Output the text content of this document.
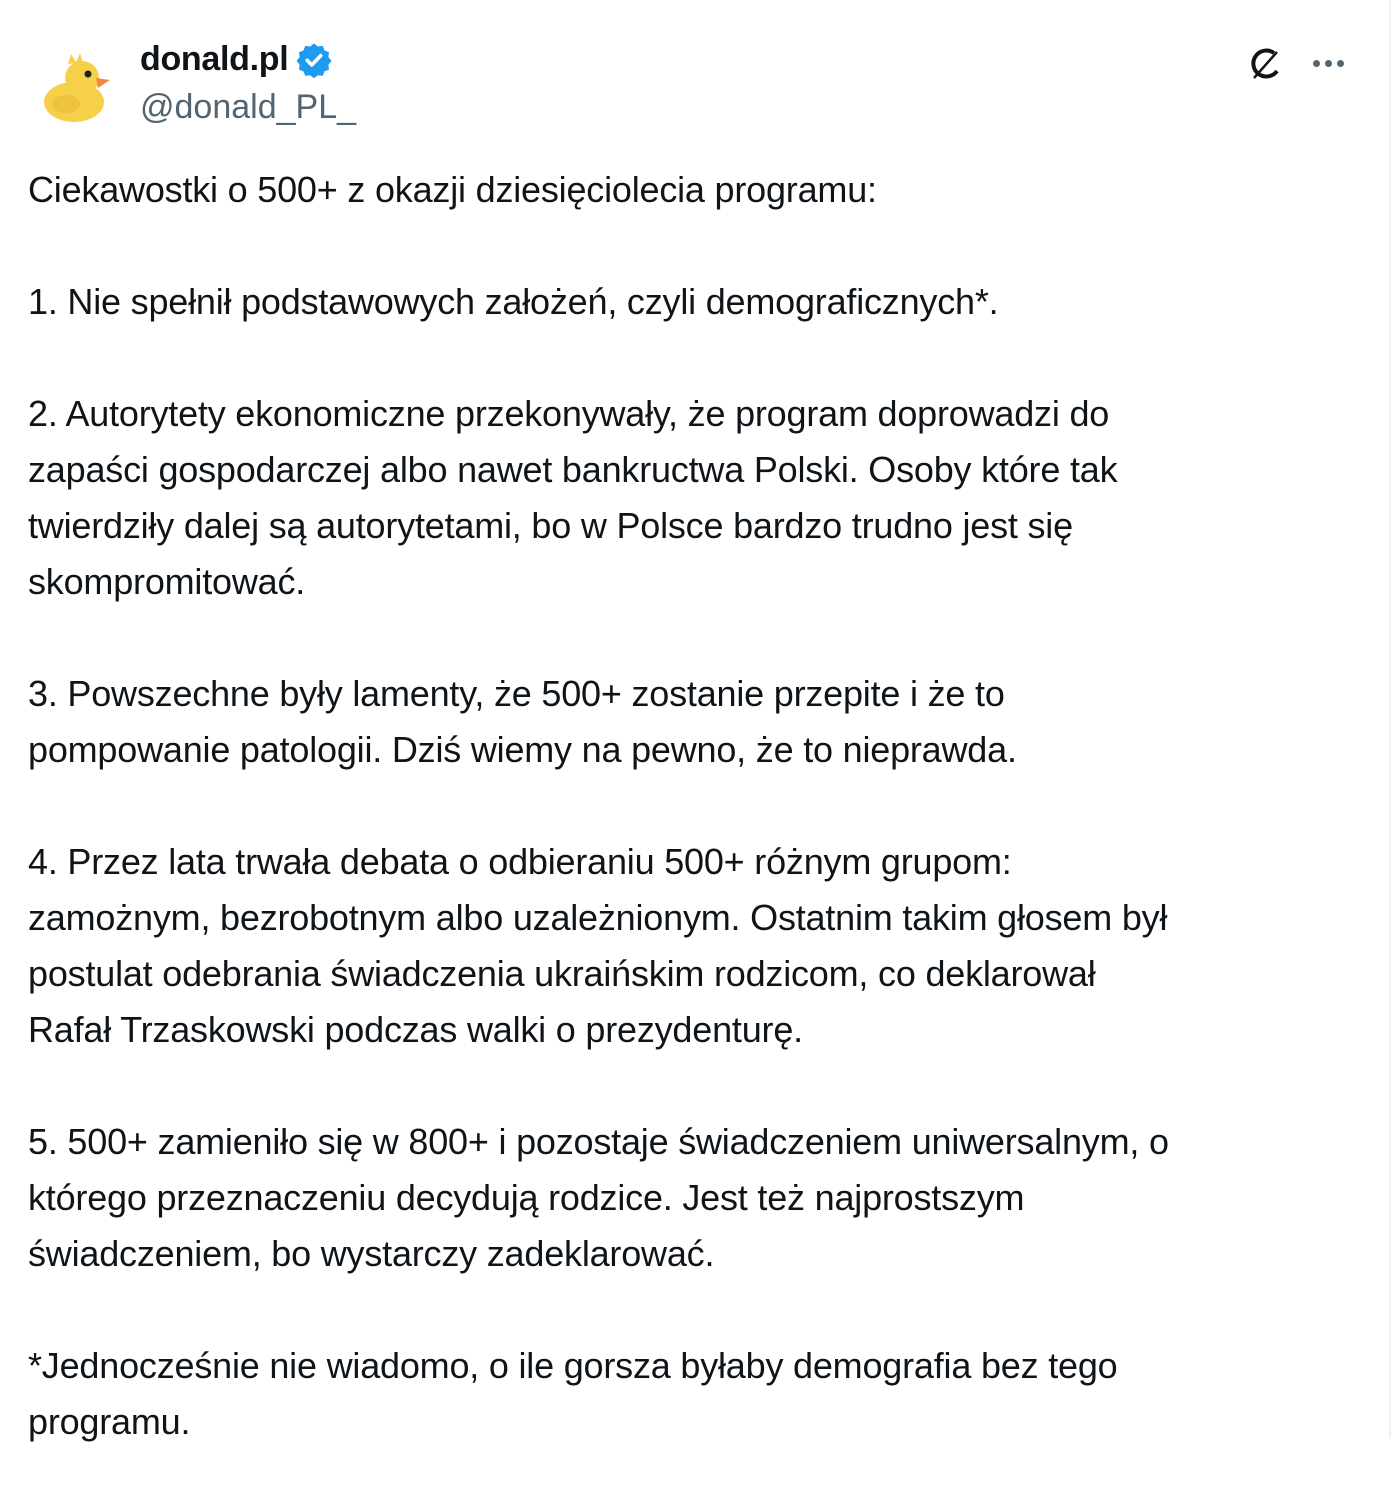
donald.pl
@donald_PL_
Ciekawostki o 500+ z okazji dziesięciolecia programu:
1. Nie spełnił podstawowych założeń, czyli demograficznych*.
2. Autorytety ekonomiczne przekonywały, że program doprowadzi do
zapaści gospodarczej albo nawet bankructwa Polski. Osoby które tak
twierdziły dalej są autorytetami, bo w Polsce bardzo trudno jest się
skompromitować.
3. Powszechne były lamenty, że 500+ zostanie przepite i że to
pompowanie patologii. Dziś wiemy na pewno, że to nieprawda.
4. Przez lata trwała debata o odbieraniu 500+ różnym grupom:
zamożnym, bezrobotnym albo uzależnionym. Ostatnim takim głosem był
postulat odebrania świadczenia ukraińskim rodzicom, co deklarował
Rafał Trzaskowski podczas walki o prezydenturę.
5. 500+ zamieniło się w 800+ i pozostaje świadczeniem uniwersalnym, o
którego przeznaczeniu decydują rodzice. Jest też najprostszym
świadczeniem, bo wystarczy zadeklarować.
*Jednocześnie nie wiadomo, o ile gorsza byłaby demografia bez tego
programu.
